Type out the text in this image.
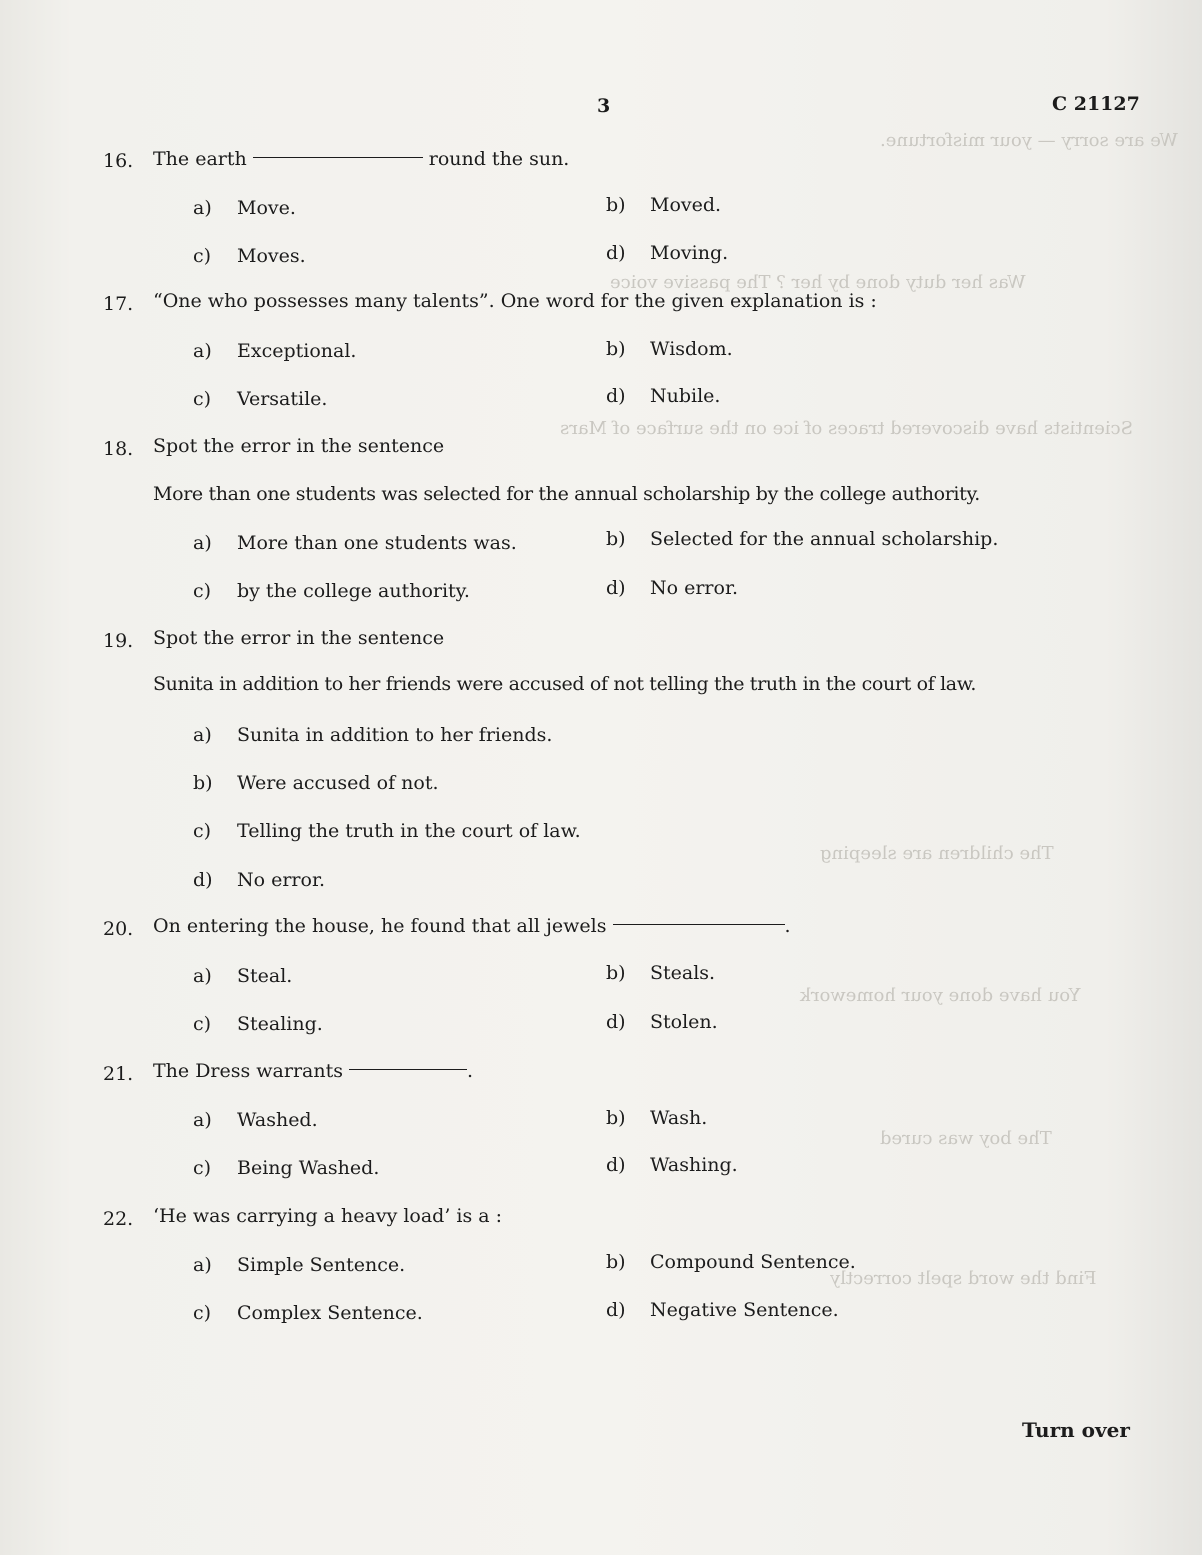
We are sorry — your misfortune.
Was her duty done by her ? The passive voice
Scientists have discovered traces of ice on the surface of Mars
The children are sleeping
You have done your homework
The boy was cured
Find the word spelt correctly
3	C 21127
16. The earth	round the sun.
a) Move.	b) Moved.
c) Moves.	d) Moving.
17. “One who possesses many talents”. One word for the given explanation is :
a) Exceptional.	b) Wisdom.
c) Versatile.	d) Nubile.
18. Spot the error in the sentence
More than one students was selected for the annual scholarship by the college authority.
a) More than one students was.	b) Selected for the annual scholarship.
c) by the college authority.	d) No error.
19. Spot the error in the sentence
Sunita in addition to her friends were accused of not telling the truth in the court of law.
a) Sunita in addition to her friends.
b) Were accused of not.
c) Telling the truth in the court of law.
d) No error.
20. On entering the house, he found that all jewels	.
a) Steal.	b) Steals.
c) Stealing.	d) Stolen.
21. The Dress warrants	.
a) Washed.	b) Wash.
c) Being Washed.	d) Washing.
22. ‘He was carrying a heavy load’ is a :
a) Simple Sentence.	b) Compound Sentence.
c) Complex Sentence.	d) Negative Sentence.
Turn over
